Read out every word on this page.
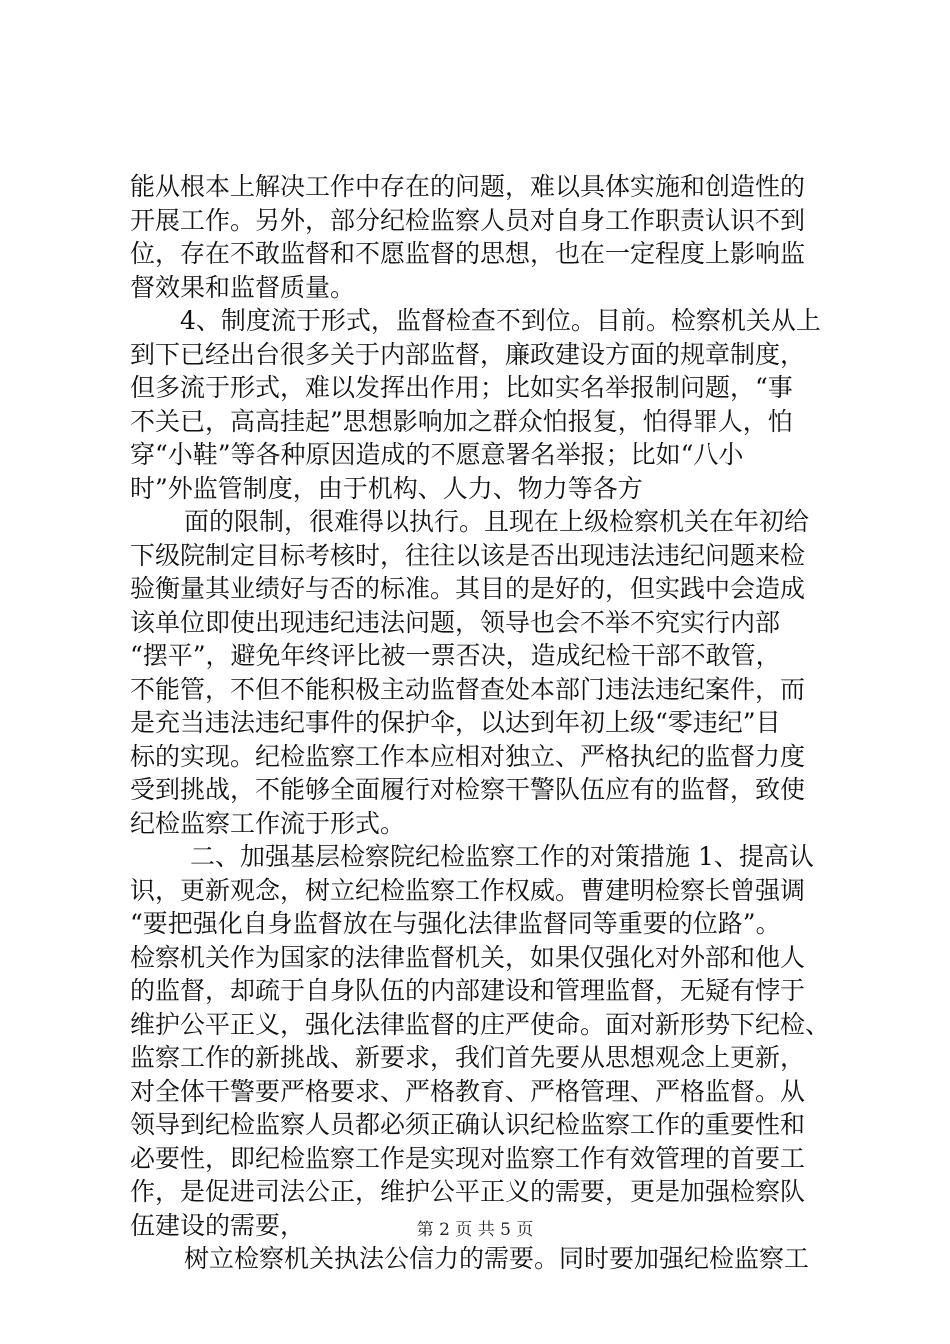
能从根本上解决工作中存在的问题，难以具体实施和创造性的
开展工作。另外，部分纪检监察人员对自身工作职责认识不到
位，存在不敢监督和不愿监督的思想，也在一定程度上影响监
督效果和监督质量。
4、制度流于形式，监督检查不到位。目前。检察机关从上
到下已经出台很多关于内部监督，廉政建设方面的规章制度，
但多流于形式，难以发挥出作用；比如实名举报制问题，“事
不关已，高高挂起”思想影响加之群众怕报复，怕得罪人，怕
穿“小鞋”等各种原因造成的不愿意署名举报；比如“八小
时”外监管制度，由于机构、人力、物力等各方
面的限制，很难得以执行。且现在上级检察机关在年初给
下级院制定目标考核时，往往以该是否出现违法违纪问题来检
验衡量其业绩好与否的标准。其目的是好的，但实践中会造成
该单位即使出现违纪违法问题，领导也会不举不究实行内部
“摆平”，避免年终评比被一票否决，造成纪检干部不敢管，
不能管，不但不能积极主动监督查处本部门违法违纪案件，而
是充当违法违纪事件的保护伞，以达到年初上级“零违纪”目
标的实现。纪检监察工作本应相对独立、严格执纪的监督力度
受到挑战，不能够全面履行对检察干警队伍应有的监督，致使
纪检监察工作流于形式。
二、加强基层检察院纪检监察工作的对策措施 1、提高认
识，更新观念，树立纪检监察工作权威。曹建明检察长曾强调
“要把强化自身监督放在与强化法律监督同等重要的位路”。
检察机关作为国家的法律监督机关，如果仅强化对外部和他人
的监督，却疏于自身队伍的内部建设和管理监督，无疑有悖于
维护公平正义，强化法律监督的庄严使命。面对新形势下纪检、
监察工作的新挑战、新要求，我们首先要从思想观念上更新，
对全体干警要严格要求、严格教育、严格管理、严格监督。从
领导到纪检监察人员都必须正确认识纪检监察工作的重要性和
必要性，即纪检监察工作是实现对监察工作有效管理的首要工
作，是促进司法公正，维护公平正义的需要，更是加强检察队
伍建设的需要，
树立检察机关执法公信力的需要。同时要加强纪检监察工
第 2 页 共 5 页
